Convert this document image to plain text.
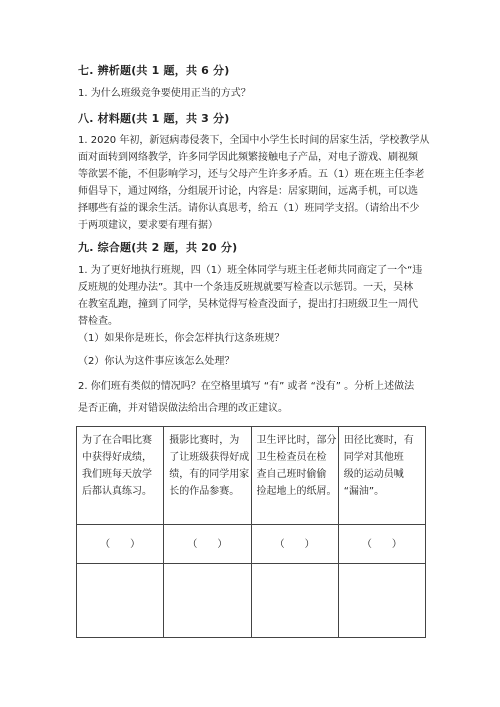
七. 辨析题(共 1 题，共 6 分)
1. 为什么班级竞争要使用正当的方式？
八. 材料题(共 1 题，共 3 分)
1. 2020 年初，新冠病毒侵袭下，全国中小学生长时间的居家生活，学校教学从
面对面转到网络教学，许多同学因此频繁接触电子产品，对电子游戏、刷视频
等欲罢不能，不但影响学习，还与父母产生许多矛盾。五（1）班在班主任李老
师倡导下，通过网络，分组展开讨论，内容是：居家期间，远离手机，可以选
择哪些有益的课余生活。请你认真思考，给五（1）班同学支招。（请给出不少
于两项建议，要求要有理有据）
九. 综合题(共 2 题，共 20 分)
1. 为了更好地执行班规，四（1）班全体同学与班主任老师共同商定了一个“违
反班规的处理办法”。其中一个条违反班规就要写检查以示惩罚。一天，吴林
在教室乱跑，撞到了同学，吴林觉得写检查没面子，提出打扫班级卫生一周代
替检查。
（1）如果你是班长，你会怎样执行这条班规？
（2）你认为这件事应该怎么处理？
2. 你们班有类似的情况吗？在空格里填写 “有” 或者 “没有” 。分析上述做法
是否正确，并对错误做法给出合理的改正建议。
为了在合唱比赛
中获得好成绩，
我们班每天放学
后都认真练习。	摄影比赛时，为
了让班级获得好成
绩，有的同学用家
长的作品参赛。	卫生评比时，部分
卫生检查员在检
查自己班时偷偷
捡起地上的纸屑。	田径比赛时，有
同学对其他班
级的运动员喊
“漏油”。

（　　）	（　　）	（　　）	（　　）
